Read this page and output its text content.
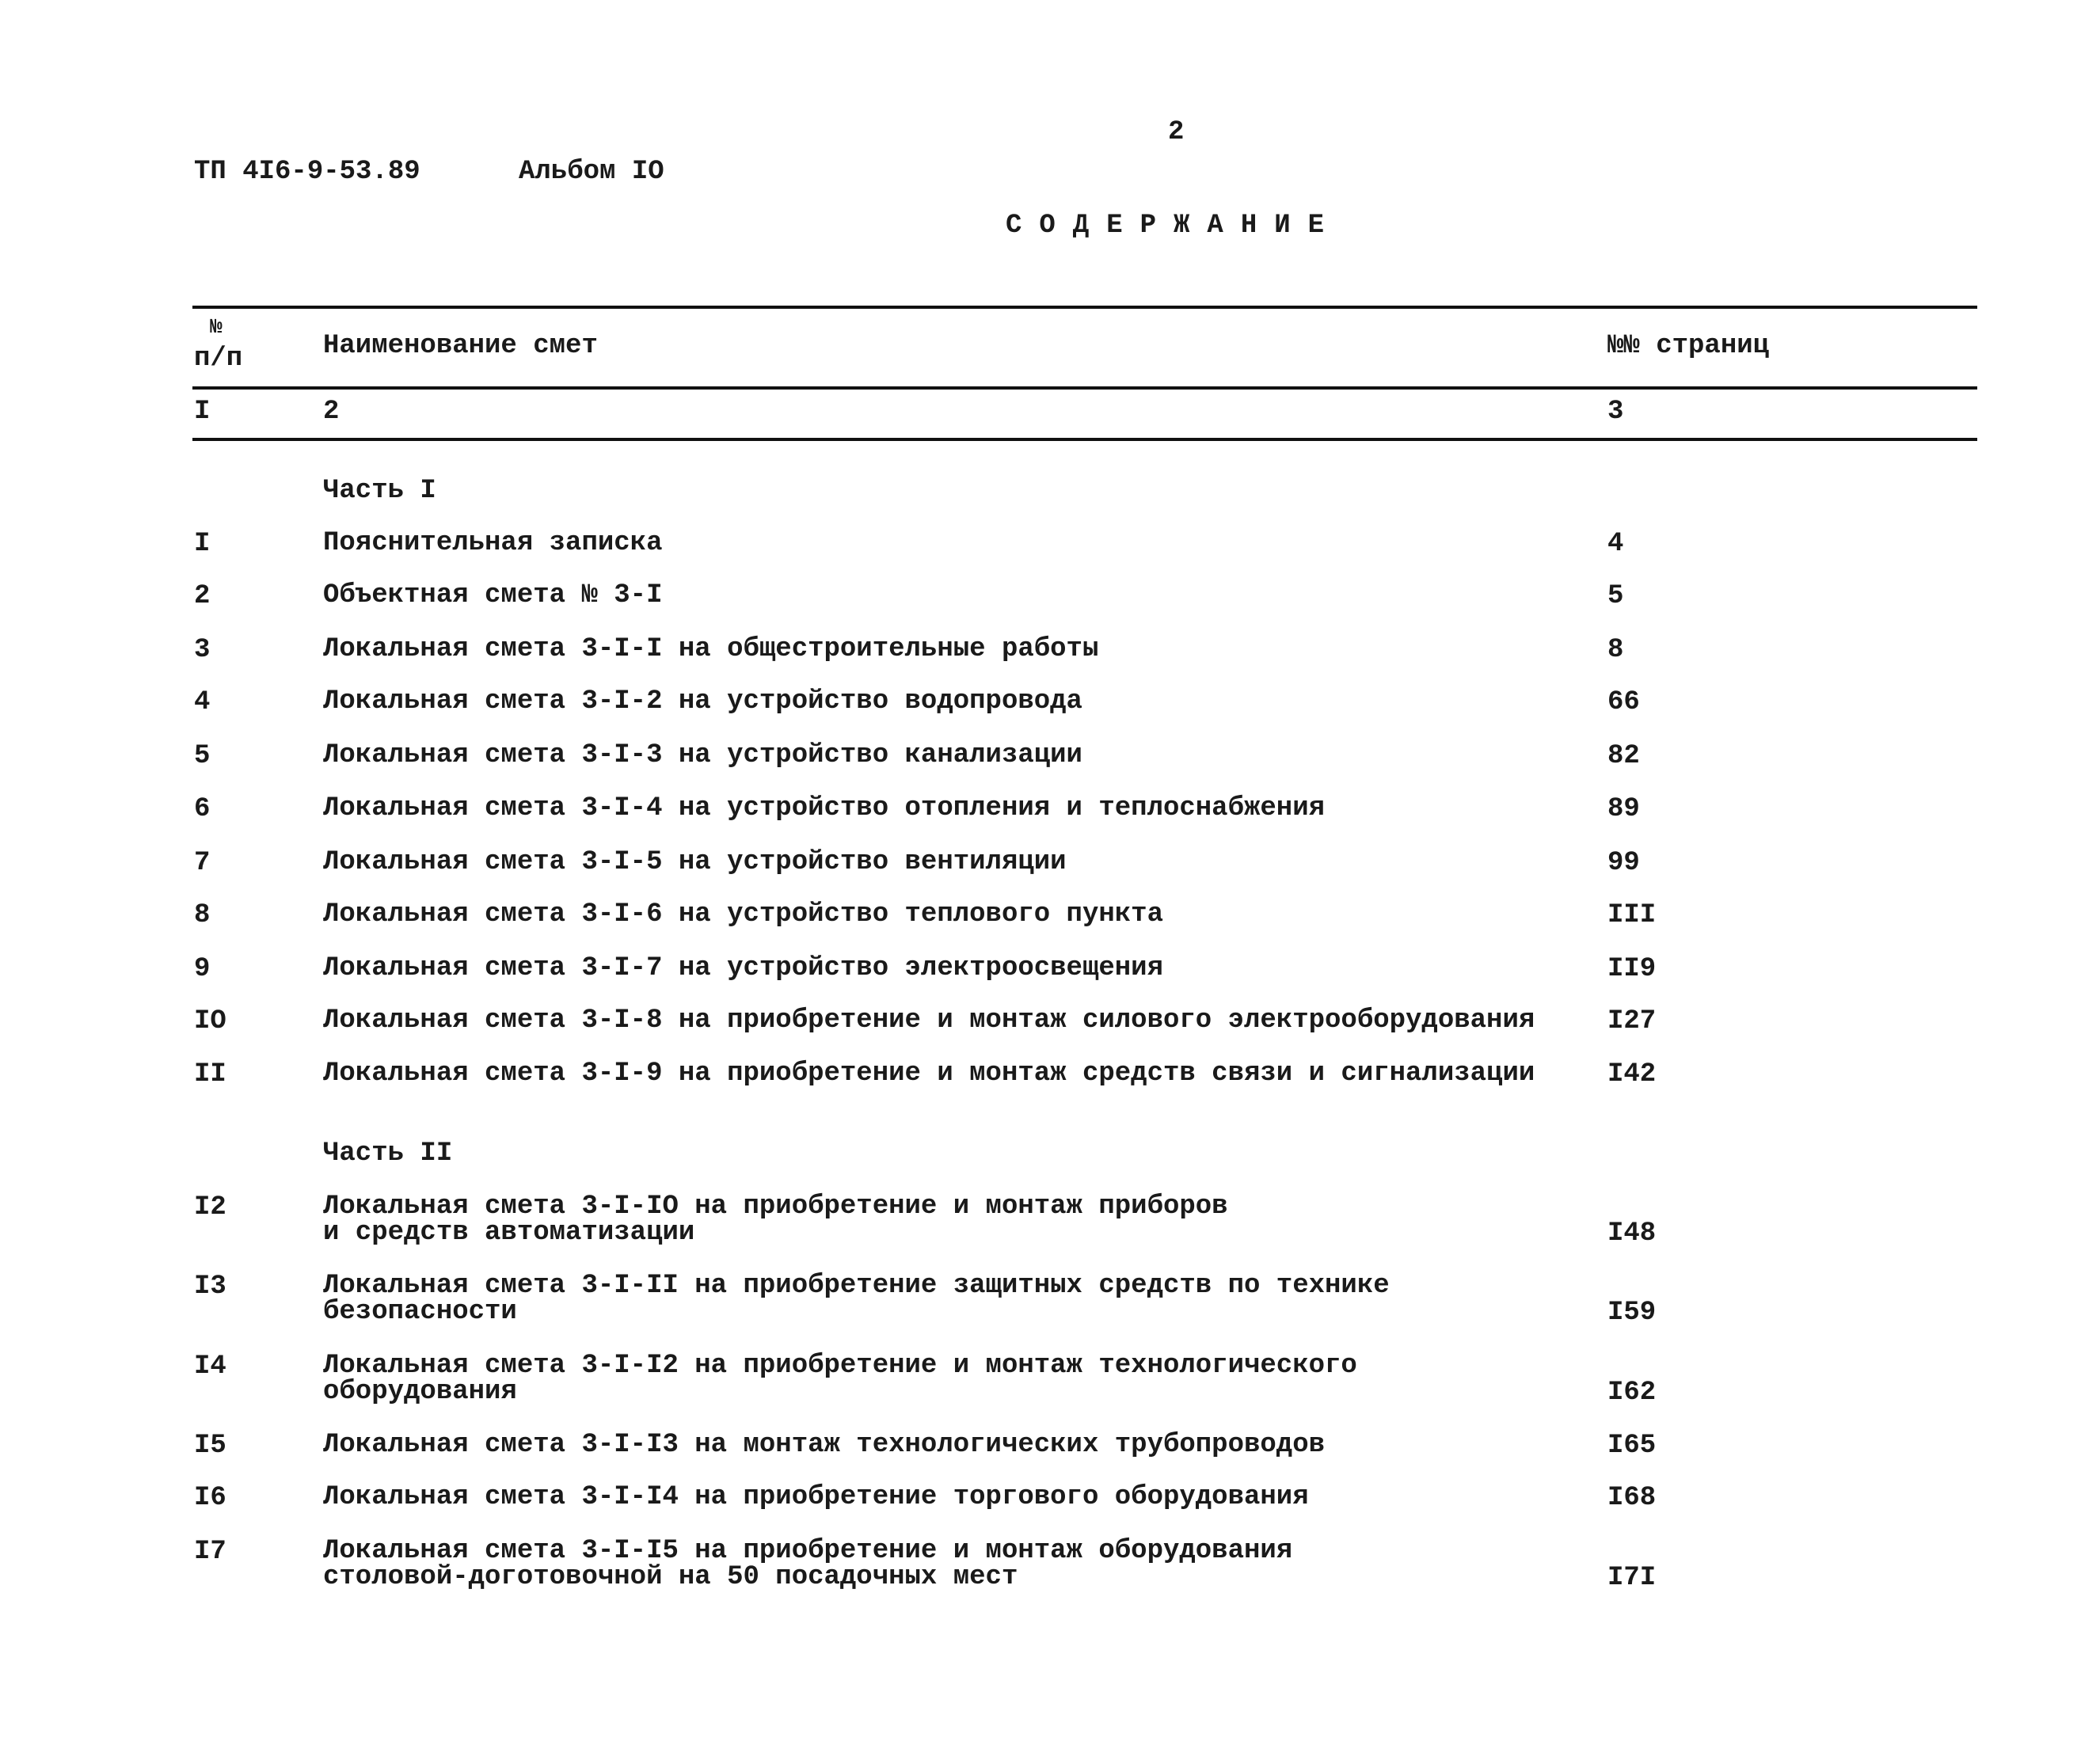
2
ТП 4I6-9-53.89	Альбом IO
СОДЕРЖАНИЕ
№
п/п	Наименование смет	№№ страниц
I	2	3
Часть I
I	Пояснительная записка	4
2	Объектная смета № 3-I	5
3	Локальная смета 3-I-I на общестроительные работы	8
4	Локальная смета 3-I-2 на устройство водопровода	66
5	Локальная смета 3-I-3 на устройство канализации	82
6	Локальная смета 3-I-4 на устройство отопления и теплоснабжения	89
7	Локальная смета 3-I-5 на устройство вентиляции	99
8	Локальная смета 3-I-6 на устройство теплового пункта	III
9	Локальная смета 3-I-7 на устройство электроосвещения	II9
IO	Локальная смета 3-I-8 на приобретение и монтаж силового электрооборудования	I27
II	Локальная смета 3-I-9 на приобретение и монтаж средств связи и сигнализации	I42
Часть II
I2	Локальная смета 3-I-IO на приобретение и монтаж приборов
и средств автоматизации	I48
I3	Локальная смета 3-I-II на приобретение защитных средств по технике
безопасности	I59
I4	Локальная смета 3-I-I2 на приобретение и монтаж технологического
оборудования	I62
I5	Локальная смета 3-I-I3 на монтаж технологических трубопроводов	I65
I6	Локальная смета 3-I-I4 на приобретение торгового оборудования	I68
I7	Локальная смета 3-I-I5 на приобретение и монтаж оборудования
столовой-доготовочной на 50 посадочных мест	I7I
